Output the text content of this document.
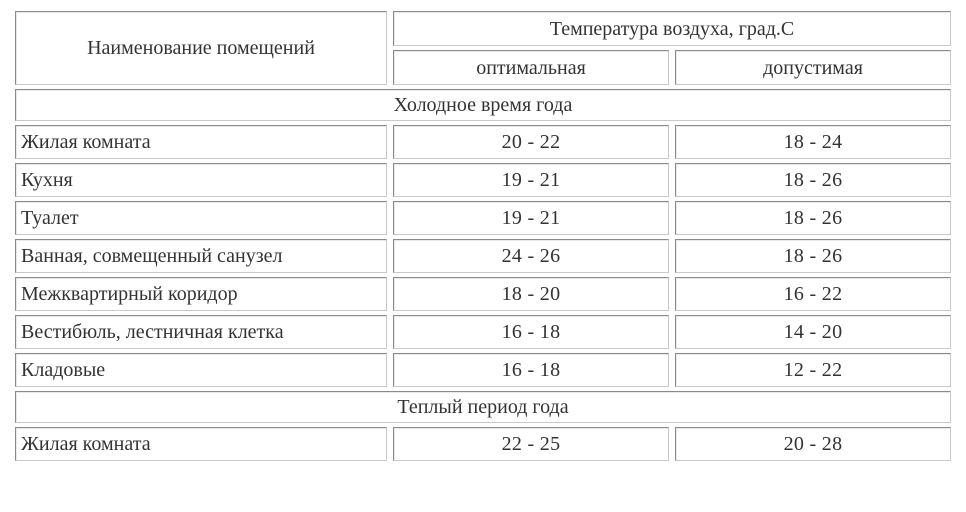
Наименование помещений	Температура воздуха, град.С	
	оптимальная	допустимая
Холодное время года		
Жилая комната	20 - 22	18 - 24
Кухня	19 - 21	18 - 26
Туалет	19 - 21	18 - 26
Ванная, совмещенный санузел	24 - 26	18 - 26
Межквартирный коридор	18 - 20	16 - 22
Вестибюль, лестничная клетка	16 - 18	14 - 20
Кладовые	16 - 18	12 - 22
Теплый период года		
Жилая комната	22 - 25	20 - 28
